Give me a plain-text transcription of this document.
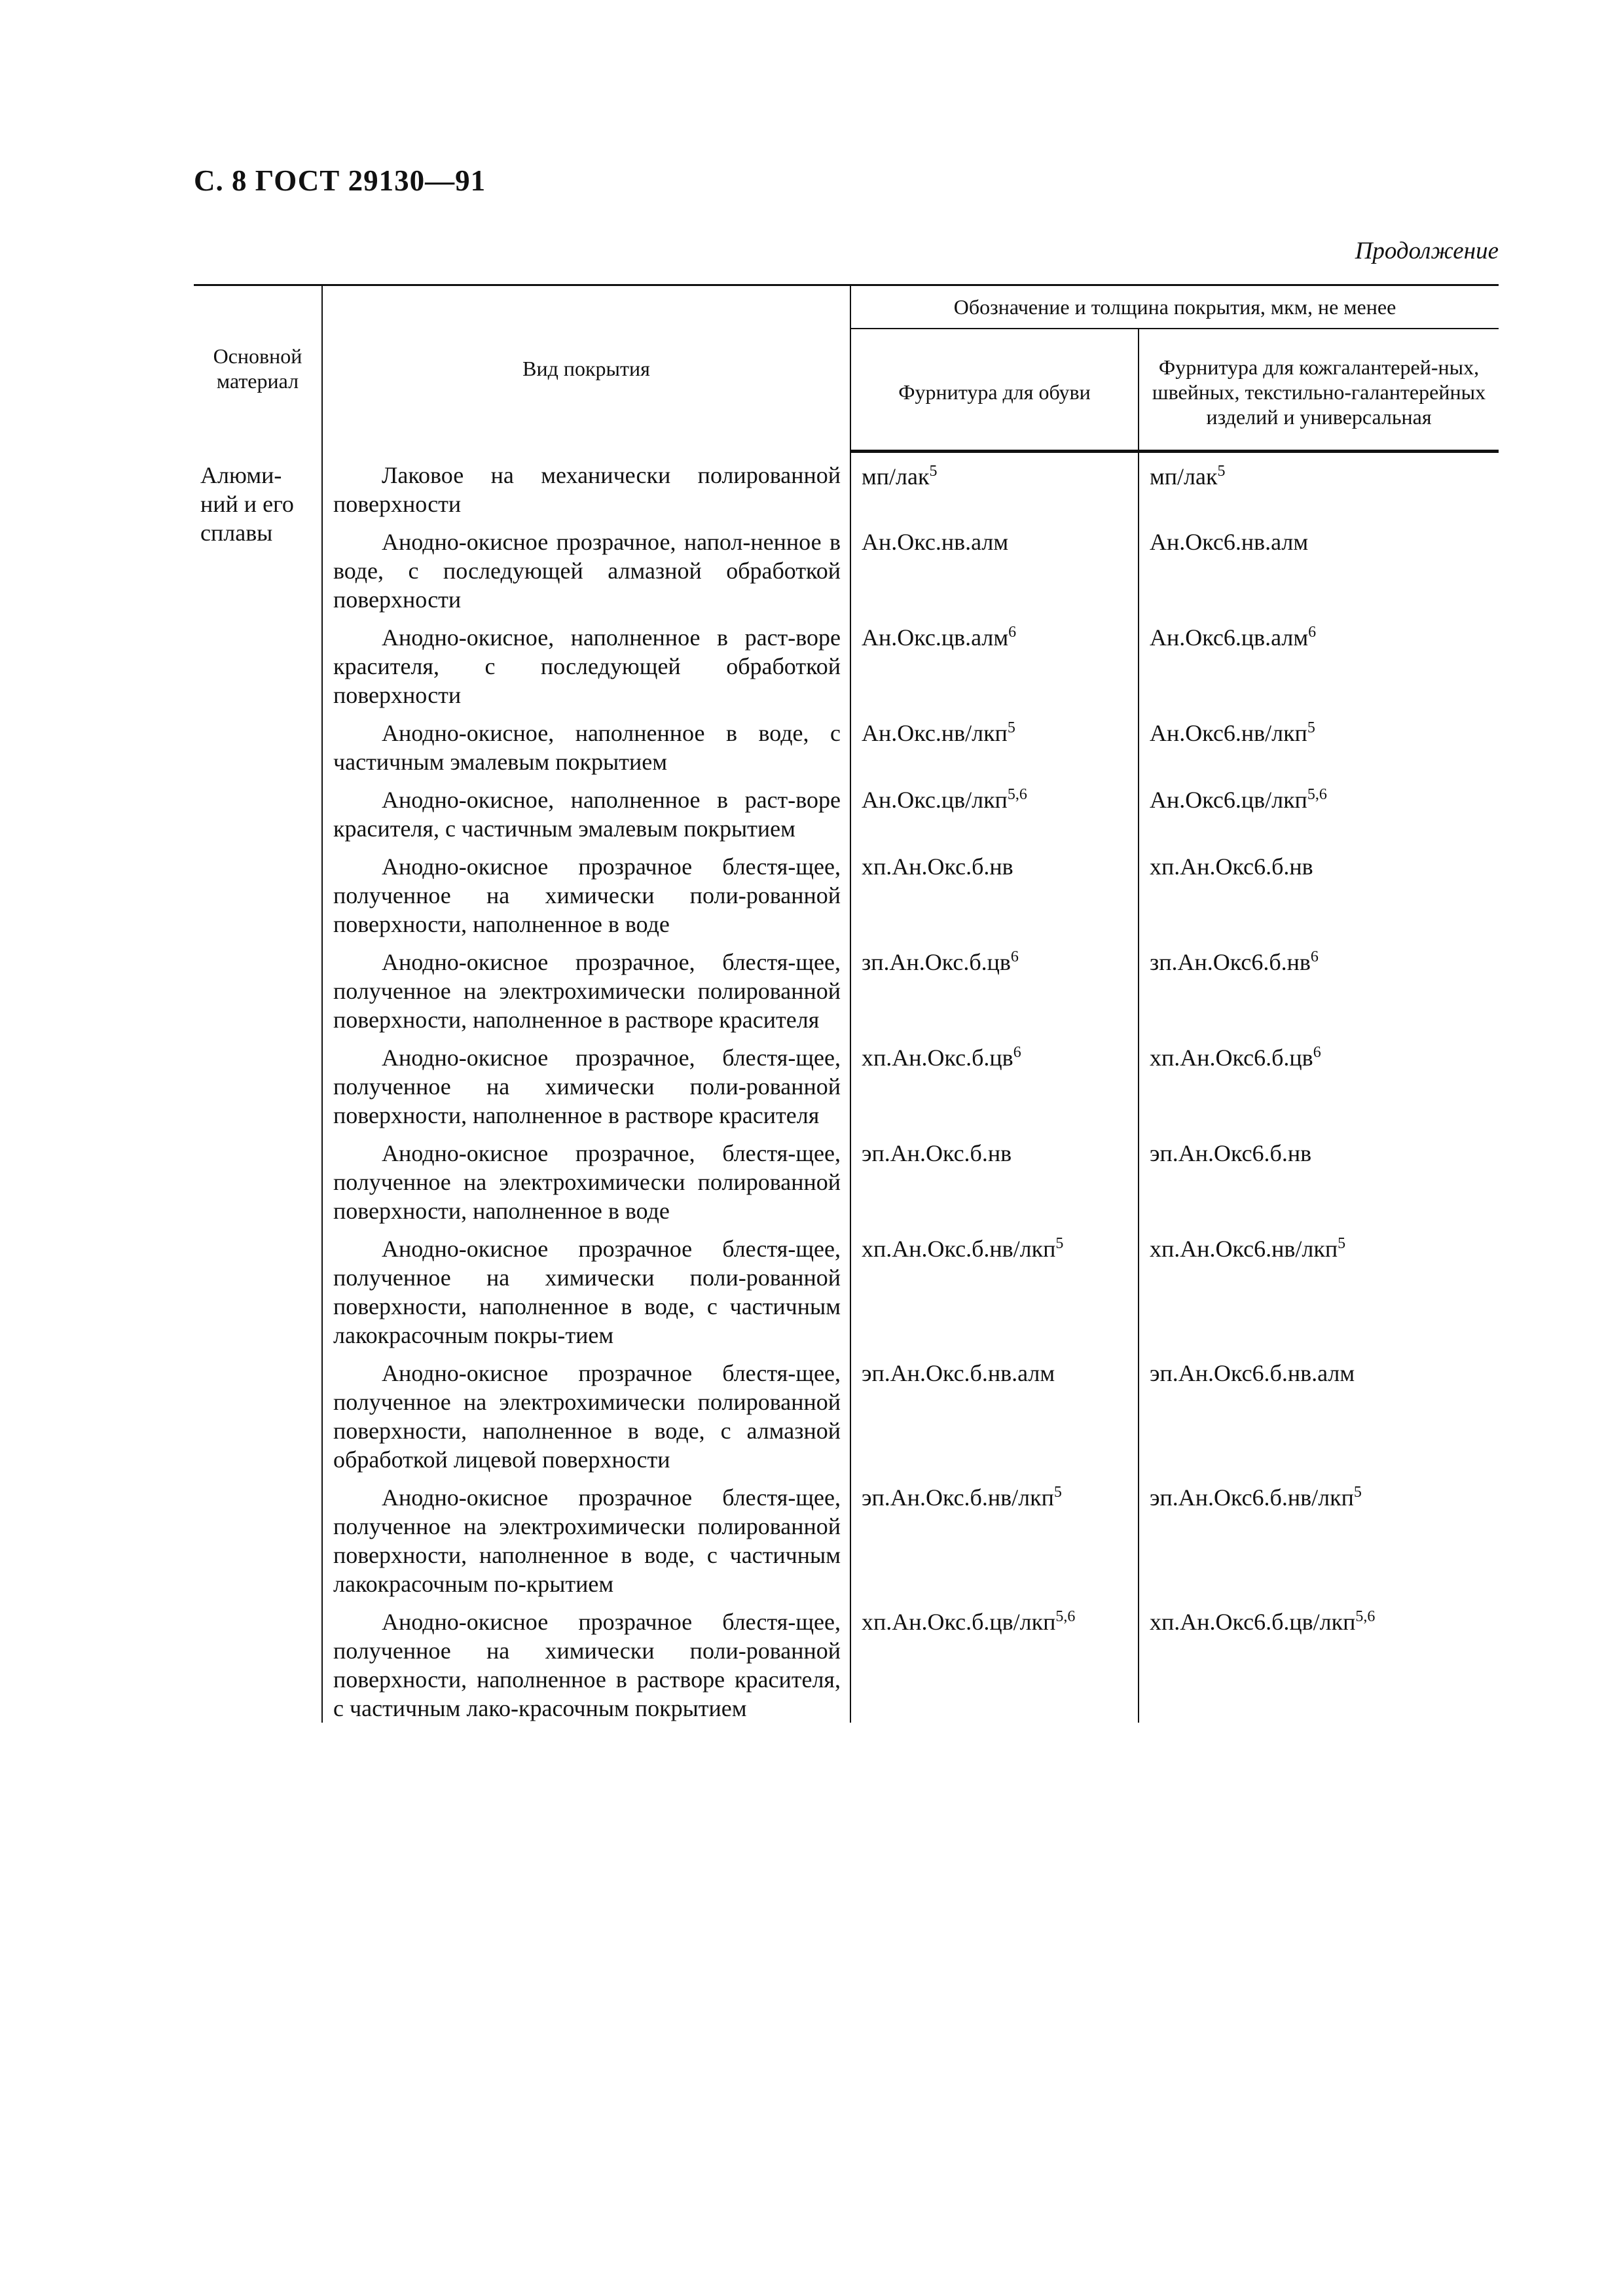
С. 8 ГОСТ 29130—91
Продолжение
Основной материал	Вид покрытия	Обозначение и толщина покрытия, мкм, не менее	
		Фурнитура для обуви	Фурнитура для кожгалантерей-ных, швейных, текстильно-галантерейных изделий и универсальная
Алюми-ний и его сплавы	Лаковое на механически полированной поверхности	мп/лак$^5$	мп/лак$^5$
	Анодно-окисное прозрачное, напол-ненное в воде, с последующей алмазной обработкой поверхности	Ан.Окс.нв.алм	Ан.Окс6.нв.алм
	Анодно-окисное, наполненное в раст-воре красителя, с последующей обработкой поверхности	Ан.Окс.цв.алм$^6$	Ан.Окс6.цв.алм$^6$
	Анодно-окисное, наполненное в воде, с частичным эмалевым покрытием	Ан.Окс.нв/лкп$^5$	Ан.Окс6.нв/лкп$^5$
	Анодно-окисное, наполненное в раст-воре красителя, с частичным эмалевым покрытием	Ан.Окс.цв/лкп$^{5,6}$	Ан.Окс6.цв/лкп$^{5,6}$
	Анодно-окисное прозрачное блестя-щее, полученное на химически поли-рованной поверхности, наполненное в воде	хп.Ан.Окс.б.нв	хп.Ан.Окс6.б.нв
	Анодно-окисное прозрачное, блестя-щее, полученное на электрохимически полированной поверхности, наполненное в растворе красителя	$зп.Ан.Окс.б.цв^6$	$зп.Ан.Окс6.б.нв^6$
	Анодно-окисное прозрачное, блестя-щее, полученное на химически поли-рованной поверхности, наполненное в растворе красителя	$хп.Ан.Окс.б.цв^6$	$хп.Ан.Окс6.б.цв^6$
	Анодно-окисное прозрачное, блестя-щее, полученное на электрохимически полированной поверхности, наполненное в воде	эп.Ан.Окс.б.нв	эп.Ан.Окс6.б.нв
	Анодно-окисное прозрачное блестя-щее, полученное на химически поли-рованной поверхности, наполненное в воде, с частичным лакокрасочным покры-тием	хп.Ан.Окс.б.нв/лкп$^5$	хп.Ан.Окс6.нв/лкп$^5$
	Анодно-окисное прозрачное блестя-щее, полученное на электрохимически полированной поверхности, наполненное в воде, с алмазной обработкой лицевой поверхности	эп.Ан.Окс.б.нв.алм	эп.Ан.Окс6.б.нв.алм
	Анодно-окисное прозрачное блестя-щее, полученное на электрохимически полированной поверхности, наполненное в воде, с частичным лакокрасочным по-крытием	эп.Ан.Окс.б.нв/лкп$^5$	эп.Ан.Окс6.б.нв/лкп$^5$
	Анодно-окисное прозрачное блестя-щее, полученное на химически поли-рованной поверхности, наполненное в растворе красителя, с частичным лако-красочным покрытием	хп.Ан.Окс.б.цв/лкп$^{5,6}$	хп.Ан.Окс6.б.цв/лкп$^{5,6}$
